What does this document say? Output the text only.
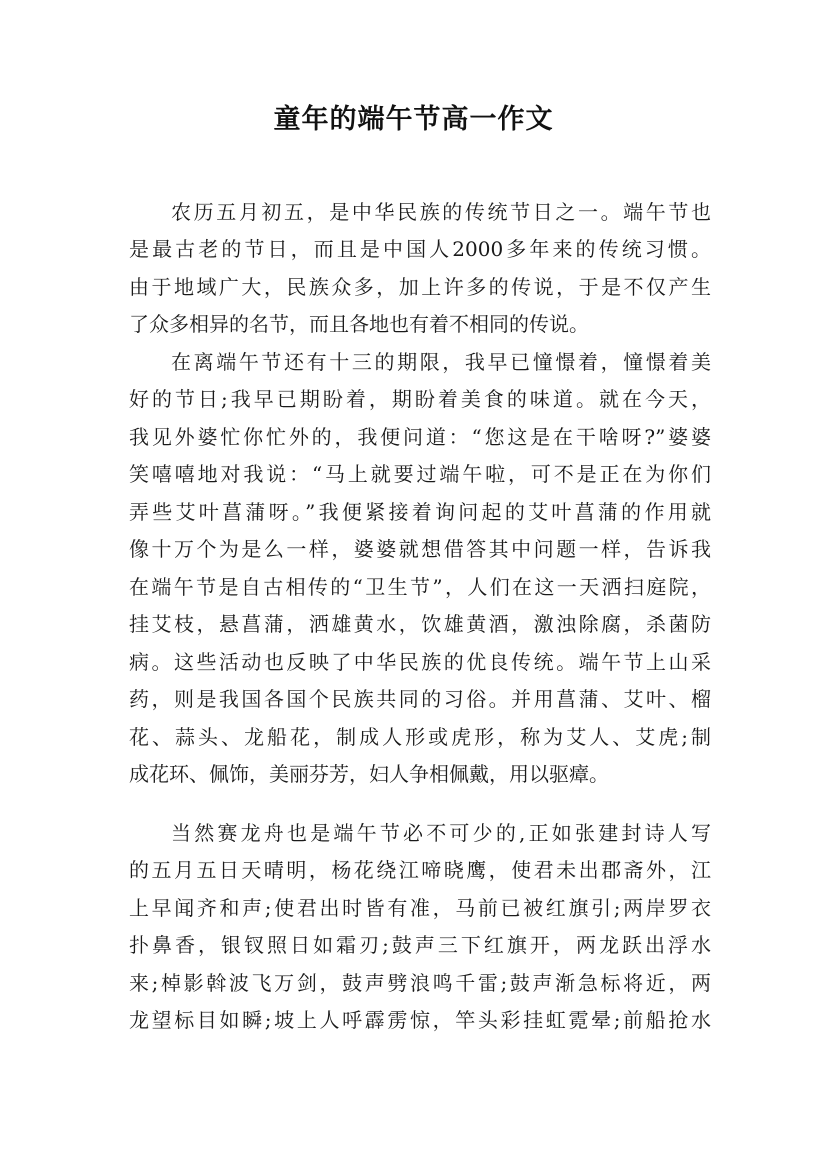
童年的端午节高一作文
农历五月初五，是中华民族的传统节日之一。端午节也
是最古老的节日，而且是中国人2000多年来的传统习惯。
由于地域广大，民族众多，加上许多的传说，于是不仅产生
了众多相异的名节，而且各地也有着不相同的传说。
在离端午节还有十三的期限，我早已憧憬着，憧憬着美
好的节日;我早已期盼着，期盼着美食的味道。就在今天，
我见外婆忙你忙外的，我便问道：“您这是在干啥呀?”婆婆
笑嘻嘻地对我说：“马上就要过端午啦，可不是正在为你们
弄些艾叶菖蒲呀。”我便紧接着询问起的艾叶菖蒲的作用就
像十万个为是么一样，婆婆就想借答其中问题一样，告诉我
在端午节是自古相传的“卫生节”，人们在这一天洒扫庭院，
挂艾枝，悬菖蒲，洒雄黄水，饮雄黄酒，激浊除腐，杀菌防
病。这些活动也反映了中华民族的优良传统。端午节上山采
药，则是我国各国个民族共同的习俗。并用菖蒲、艾叶、榴
花、蒜头、龙船花，制成人形或虎形，称为艾人、艾虎;制
成花环、佩饰，美丽芬芳，妇人争相佩戴，用以驱瘴。
当然赛龙舟也是端午节必不可少的,正如张建封诗人写
的五月五日天晴明，杨花绕江啼晓鹰，使君未出郡斋外，江
上早闻齐和声;使君出时皆有准，马前已被红旗引;两岸罗衣
扑鼻香，银钗照日如霜刃;鼓声三下红旗开，两龙跃出浮水
来;棹影斡波飞万剑，鼓声劈浪鸣千雷;鼓声渐急标将近，两
龙望标目如瞬;坡上人呼霹雳惊，竿头彩挂虹霓晕;前船抢水
